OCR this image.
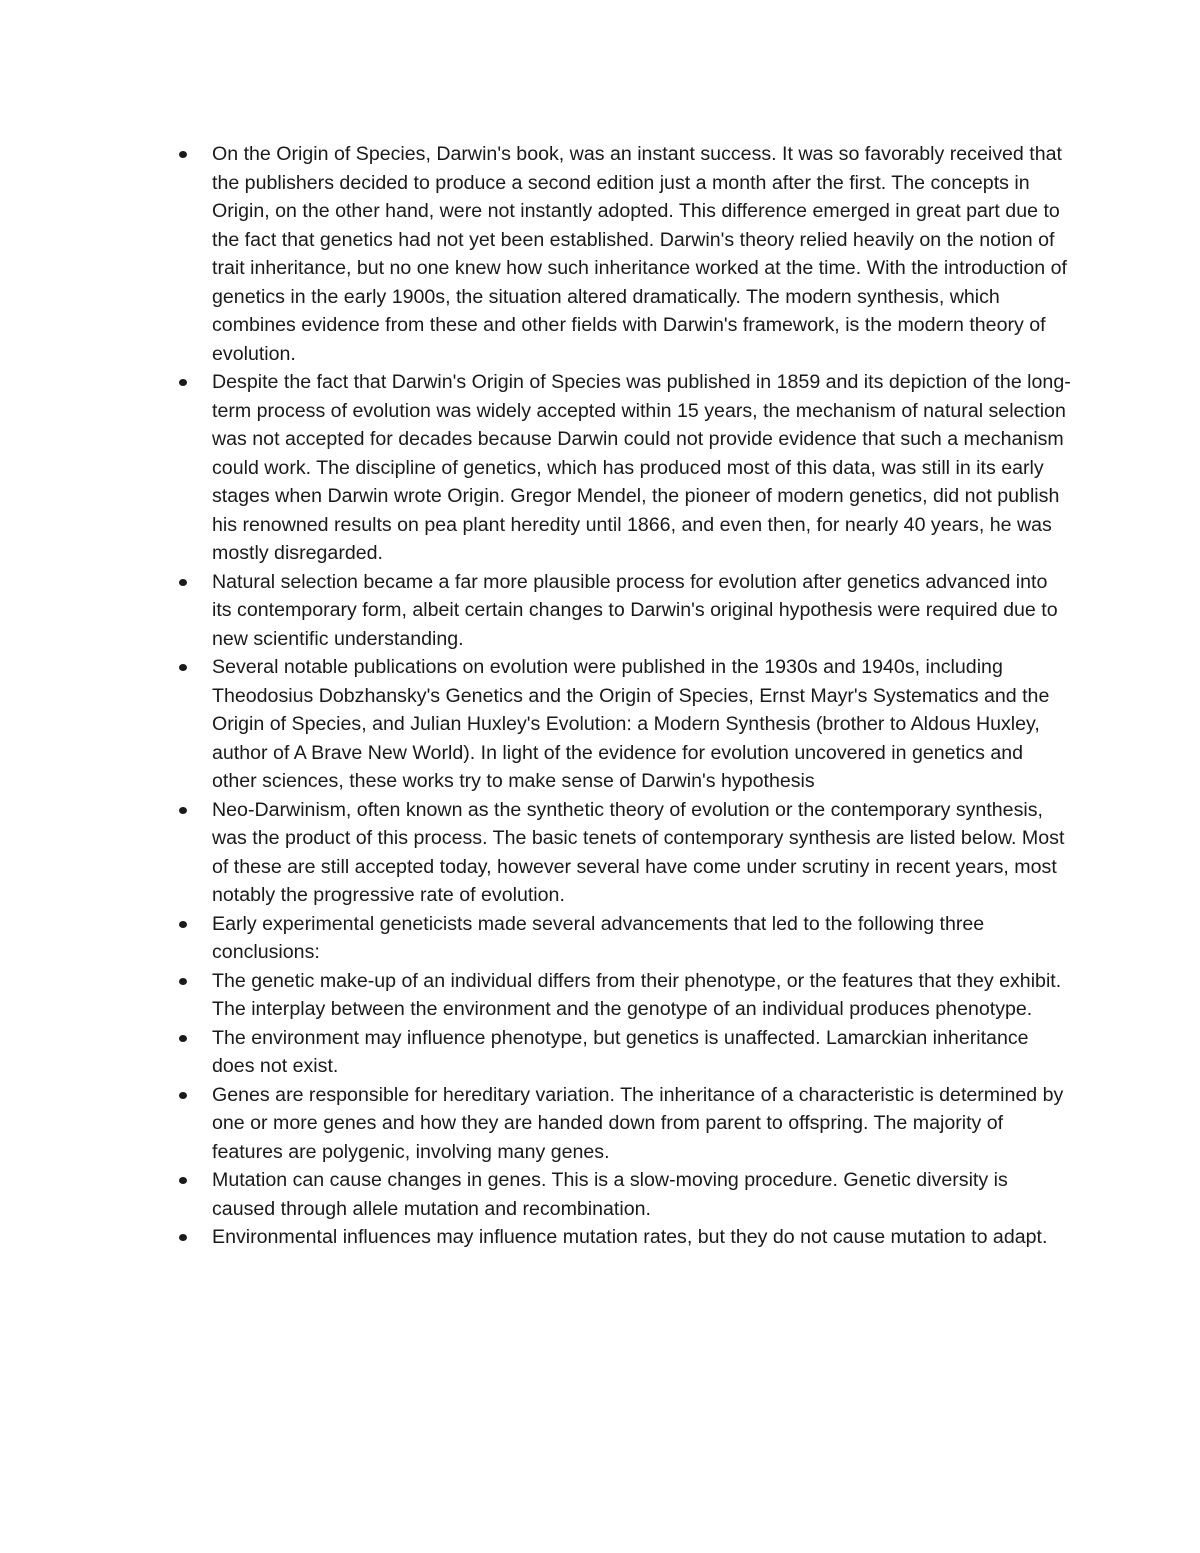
On the Origin of Species, Darwin's book, was an instant success. It was so favorably received that the publishers decided to produce a second edition just a month after the first. The concepts in Origin, on the other hand, were not instantly adopted. This difference emerged in great part due to the fact that genetics had not yet been established. Darwin's theory relied heavily on the notion of trait inheritance, but no one knew how such inheritance worked at the time. With the introduction of genetics in the early 1900s, the situation altered dramatically. The modern synthesis, which combines evidence from these and other fields with Darwin's framework, is the modern theory of evolution.
Despite the fact that Darwin's Origin of Species was published in 1859 and its depiction of the long-term process of evolution was widely accepted within 15 years, the mechanism of natural selection was not accepted for decades because Darwin could not provide evidence that such a mechanism could work. The discipline of genetics, which has produced most of this data, was still in its early stages when Darwin wrote Origin. Gregor Mendel, the pioneer of modern genetics, did not publish his renowned results on pea plant heredity until 1866, and even then, for nearly 40 years, he was mostly disregarded.
Natural selection became a far more plausible process for evolution after genetics advanced into its contemporary form, albeit certain changes to Darwin's original hypothesis were required due to new scientific understanding.
Several notable publications on evolution were published in the 1930s and 1940s, including Theodosius Dobzhansky's Genetics and the Origin of Species, Ernst Mayr's Systematics and the Origin of Species, and Julian Huxley's Evolution: a Modern Synthesis (brother to Aldous Huxley, author of A Brave New World). In light of the evidence for evolution uncovered in genetics and other sciences, these works try to make sense of Darwin's hypothesis
Neo-Darwinism, often known as the synthetic theory of evolution or the contemporary synthesis, was the product of this process. The basic tenets of contemporary synthesis are listed below. Most of these are still accepted today, however several have come under scrutiny in recent years, most notably the progressive rate of evolution.
Early experimental geneticists made several advancements that led to the following three conclusions:
The genetic make-up of an individual differs from their phenotype, or the features that they exhibit. The interplay between the environment and the genotype of an individual produces phenotype.
The environment may influence phenotype, but genetics is unaffected. Lamarckian inheritance does not exist.
Genes are responsible for hereditary variation. The inheritance of a characteristic is determined by one or more genes and how they are handed down from parent to offspring. The majority of features are polygenic, involving many genes.
Mutation can cause changes in genes. This is a slow-moving procedure. Genetic diversity is caused through allele mutation and recombination.
Environmental influences may influence mutation rates, but they do not cause mutation to adapt.
